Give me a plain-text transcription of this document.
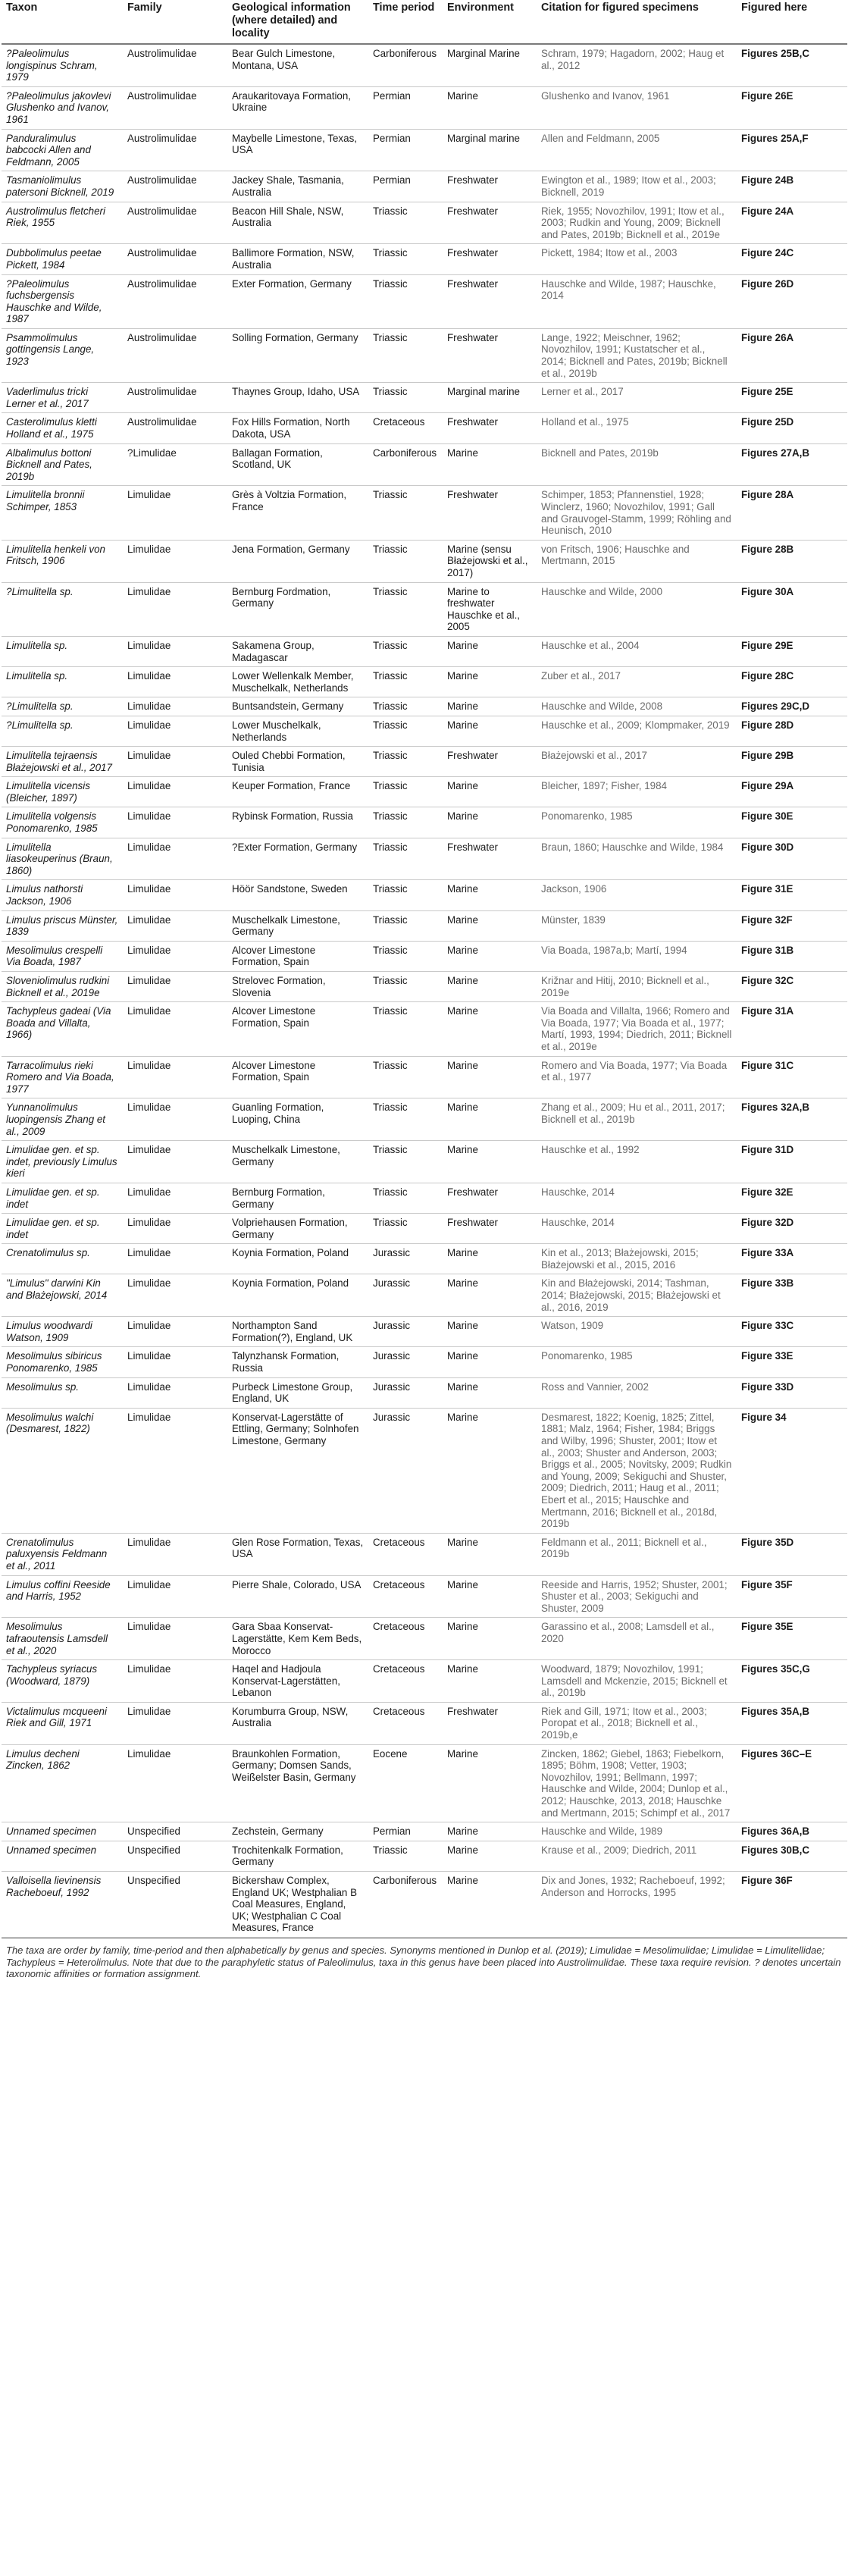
Taxon	Family	Geological information (where detailed) and locality	Time period	Environment	Citation for figured specimens	Figured here
?Paleolimulus longispinus Schram, 1979	Austrolimulidae	Bear Gulch Limestone, Montana, USA	Carboniferous	Marginal Marine	Schram, 1979; Hagadorn, 2002; Haug et al., 2012	Figures 25B,C
?Paleolimulus jakovlevi Glushenko and Ivanov, 1961	Austrolimulidae	Araukaritovaya Formation, Ukraine	Permian	Marine	Glushenko and Ivanov, 1961	Figure 26E
Panduralimulus babcocki Allen and Feldmann, 2005	Austrolimulidae	Maybelle Limestone, Texas, USA	Permian	Marginal marine	Allen and Feldmann, 2005	Figures 25A,F
Tasmaniolimulus patersoni Bicknell, 2019	Austrolimulidae	Jackey Shale, Tasmania, Australia	Permian	Freshwater	Ewington et al., 1989; Itow et al., 2003; Bicknell, 2019	Figure 24B
Austrolimulus fletcheri Riek, 1955	Austrolimulidae	Beacon Hill Shale, NSW, Australia	Triassic	Freshwater	Riek, 1955; Novozhilov, 1991; Itow et al., 2003; Rudkin and Young, 2009; Bicknell and Pates, 2019b; Bicknell et al., 2019e	Figure 24A
Dubbolimulus peetae Pickett, 1984	Austrolimulidae	Ballimore Formation, NSW, Australia	Triassic	Freshwater	Pickett, 1984; Itow et al., 2003	Figure 24C
?Paleolimulus fuchsbergensis Hauschke and Wilde, 1987	Austrolimulidae	Exter Formation, Germany	Triassic	Freshwater	Hauschke and Wilde, 1987; Hauschke, 2014	Figure 26D
Psammolimulus gottingensis Lange, 1923	Austrolimulidae	Solling Formation, Germany	Triassic	Freshwater	Lange, 1922; Meischner, 1962; Novozhilov, 1991; Kustatscher et al., 2014; Bicknell and Pates, 2019b; Bicknell et al., 2019b	Figure 26A
Vaderlimulus tricki Lerner et al., 2017	Austrolimulidae	Thaynes Group, Idaho, USA	Triassic	Marginal marine	Lerner et al., 2017	Figure 25E
Casterolimulus kletti Holland et al., 1975	Austrolimulidae	Fox Hills Formation, North Dakota, USA	Cretaceous	Freshwater	Holland et al., 1975	Figure 25D
Albalimulus bottoni Bicknell and Pates, 2019b	?Limulidae	Ballagan Formation, Scotland, UK	Carboniferous	Marine	Bicknell and Pates, 2019b	Figures 27A,B
Limulitella bronnii Schimper, 1853	Limulidae	Grès à Voltzia Formation, France	Triassic	Freshwater	Schimper, 1853; Pfannenstiel, 1928; Winclerz, 1960; Novozhilov, 1991; Gall and Grauvogel-Stamm, 1999; Röhling and Heunisch, 2010	Figure 28A
Limulitella henkeli von Fritsch, 1906	Limulidae	Jena Formation, Germany	Triassic	Marine (sensu Błażejowski et al., 2017)	von Fritsch, 1906; Hauschke and Mertmann, 2015	Figure 28B
?Limulitella sp.	Limulidae	Bernburg Fordmation, Germany	Triassic	Marine to freshwater Hauschke et al., 2005	Hauschke and Wilde, 2000	Figure 30A
Limulitella sp.	Limulidae	Sakamena Group, Madagascar	Triassic	Marine	Hauschke et al., 2004	Figure 29E
Limulitella sp.	Limulidae	Lower Wellenkalk Member, Muschelkalk, Netherlands	Triassic	Marine	Zuber et al., 2017	Figure 28C
?Limulitella sp.	Limulidae	Buntsandstein, Germany	Triassic	Marine	Hauschke and Wilde, 2008	Figures 29C,D
?Limulitella sp.	Limulidae	Lower Muschelkalk, Netherlands	Triassic	Marine	Hauschke et al., 2009; Klompmaker, 2019	Figure 28D
Limulitella tejraensis Błażejowski et al., 2017	Limulidae	Ouled Chebbi Formation, Tunisia	Triassic	Freshwater	Błażejowski et al., 2017	Figure 29B
Limulitella vicensis (Bleicher, 1897)	Limulidae	Keuper Formation, France	Triassic	Marine	Bleicher, 1897; Fisher, 1984	Figure 29A
Limulitella volgensis Ponomarenko, 1985	Limulidae	Rybinsk Formation, Russia	Triassic	Marine	Ponomarenko, 1985	Figure 30E
Limulitella liasokeuperinus (Braun, 1860)	Limulidae	?Exter Formation, Germany	Triassic	Freshwater	Braun, 1860; Hauschke and Wilde, 1984	Figure 30D
Limulus nathorsti Jackson, 1906	Limulidae	Höör Sandstone, Sweden	Triassic	Marine	Jackson, 1906	Figure 31E
Limulus priscus Münster, 1839	Limulidae	Muschelkalk Limestone, Germany	Triassic	Marine	Münster, 1839	Figure 32F
Mesolimulus crespelli Via Boada, 1987	Limulidae	Alcover Limestone Formation, Spain	Triassic	Marine	Via Boada, 1987a,b; Martí, 1994	Figure 31B
Sloveniolimulus rudkini Bicknell et al., 2019e	Limulidae	Strelovec Formation, Slovenia	Triassic	Marine	Križnar and Hitij, 2010; Bicknell et al., 2019e	Figure 32C
Tachypleus gadeai (Via Boada and Villalta, 1966)	Limulidae	Alcover Limestone Formation, Spain	Triassic	Marine	Via Boada and Villalta, 1966; Romero and Via Boada, 1977; Via Boada et al., 1977; Martí, 1993, 1994; Diedrich, 2011; Bicknell et al., 2019e	Figure 31A
Tarracolimulus rieki Romero and Via Boada, 1977	Limulidae	Alcover Limestone Formation, Spain	Triassic	Marine	Romero and Via Boada, 1977; Via Boada et al., 1977	Figure 31C
Yunnanolimulus luopingensis Zhang et al., 2009	Limulidae	Guanling Formation, Luoping, China	Triassic	Marine	Zhang et al., 2009; Hu et al., 2011, 2017; Bicknell et al., 2019b	Figures 32A,B
Limulidae gen. et sp. indet, previously Limulus kieri	Limulidae	Muschelkalk Limestone, Germany	Triassic	Marine	Hauschke et al., 1992	Figure 31D
Limulidae gen. et sp. indet	Limulidae	Bernburg Formation, Germany	Triassic	Freshwater	Hauschke, 2014	Figure 32E
Limulidae gen. et sp. indet	Limulidae	Volpriehausen Formation, Germany	Triassic	Freshwater	Hauschke, 2014	Figure 32D
Crenatolimulus sp.	Limulidae	Koynia Formation, Poland	Jurassic	Marine	Kin et al., 2013; Błażejowski, 2015; Błażejowski et al., 2015, 2016	Figure 33A
"Limulus" darwini Kin and Błażejowski, 2014	Limulidae	Koynia Formation, Poland	Jurassic	Marine	Kin and Błażejowski, 2014; Tashman, 2014; Błażejowski, 2015; Błażejowski et al., 2016, 2019	Figure 33B
Limulus woodwardi Watson, 1909	Limulidae	Northampton Sand Formation(?), England, UK	Jurassic	Marine	Watson, 1909	Figure 33C
Mesolimulus sibiricus Ponomarenko, 1985	Limulidae	Talynzhansk Formation, Russia	Jurassic	Marine	Ponomarenko, 1985	Figure 33E
Mesolimulus sp.	Limulidae	Purbeck Limestone Group, England, UK	Jurassic	Marine	Ross and Vannier, 2002	Figure 33D
Mesolimulus walchi (Desmarest, 1822)	Limulidae	Konservat-Lagerstätte of Ettling, Germany; Solnhofen Limestone, Germany	Jurassic	Marine	Desmarest, 1822; Koenig, 1825; Zittel, 1881; Malz, 1964; Fisher, 1984; Briggs and Wilby, 1996; Shuster, 2001; Itow et al., 2003; Shuster and Anderson, 2003; Briggs et al., 2005; Novitsky, 2009; Rudkin and Young, 2009; Sekiguchi and Shuster, 2009; Diedrich, 2011; Haug et al., 2011; Ebert et al., 2015; Hauschke and Mertmann, 2016; Bicknell et al., 2018d, 2019b	Figure 34
Crenatolimulus paluxyensis Feldmann et al., 2011	Limulidae	Glen Rose Formation, Texas, USA	Cretaceous	Marine	Feldmann et al., 2011; Bicknell et al., 2019b	Figure 35D
Limulus coffini Reeside and Harris, 1952	Limulidae	Pierre Shale, Colorado, USA	Cretaceous	Marine	Reeside and Harris, 1952; Shuster, 2001; Shuster et al., 2003; Sekiguchi and Shuster, 2009	Figure 35F
Mesolimulus tafraoutensis Lamsdell et al., 2020	Limulidae	Gara Sbaa Konservat-Lagerstätte, Kem Kem Beds, Morocco	Cretaceous	Marine	Garassino et al., 2008; Lamsdell et al., 2020	Figure 35E
Tachypleus syriacus (Woodward, 1879)	Limulidae	Haqel and Hadjoula Konservat-Lagerstätten, Lebanon	Cretaceous	Marine	Woodward, 1879; Novozhilov, 1991; Lamsdell and Mckenzie, 2015; Bicknell et al., 2019b	Figures 35C,G
Victalimulus mcqueeni Riek and Gill, 1971	Limulidae	Korumburra Group, NSW, Australia	Cretaceous	Freshwater	Riek and Gill, 1971; Itow et al., 2003; Poropat et al., 2018; Bicknell et al., 2019b,e	Figures 35A,B
Limulus decheni Zincken, 1862	Limulidae	Braunkohlen Formation, Germany; Domsen Sands, Weißelster Basin, Germany	Eocene	Marine	Zincken, 1862; Giebel, 1863; Fiebelkorn, 1895; Böhm, 1908; Vetter, 1903; Novozhilov, 1991; Bellmann, 1997; Hauschke and Wilde, 2004; Dunlop et al., 2012; Hauschke, 2013, 2018; Hauschke and Mertmann, 2015; Schimpf et al., 2017	Figures 36C–E
Unnamed specimen	Unspecified	Zechstein, Germany	Permian	Marine	Hauschke and Wilde, 1989	Figures 36A,B
Unnamed specimen	Unspecified	Trochitenkalk Formation, Germany	Triassic	Marine	Krause et al., 2009; Diedrich, 2011	Figures 30B,C
Valloisella lievinensis Racheboeuf, 1992	Unspecified	Bickershaw Complex, England UK; Westphalian B Coal Measures, England, UK; Westphalian C Coal Measures, France	Carboniferous	Marine	Dix and Jones, 1932; Racheboeuf, 1992; Anderson and Horrocks, 1995	Figure 36F
The taxa are order by family, time-period and then alphabetically by genus and species. Synonyms mentioned in Dunlop et al. (2019); Limulidae = Mesolimulidae; Limulidae = Limulitellidae; Tachypleus = Heterolimulus. Note that due to the paraphyletic status of Paleolimulus, taxa in this genus have been placed into Austrolimulidae. These taxa require revision. ? denotes uncertain taxonomic affinities or formation assignment.
